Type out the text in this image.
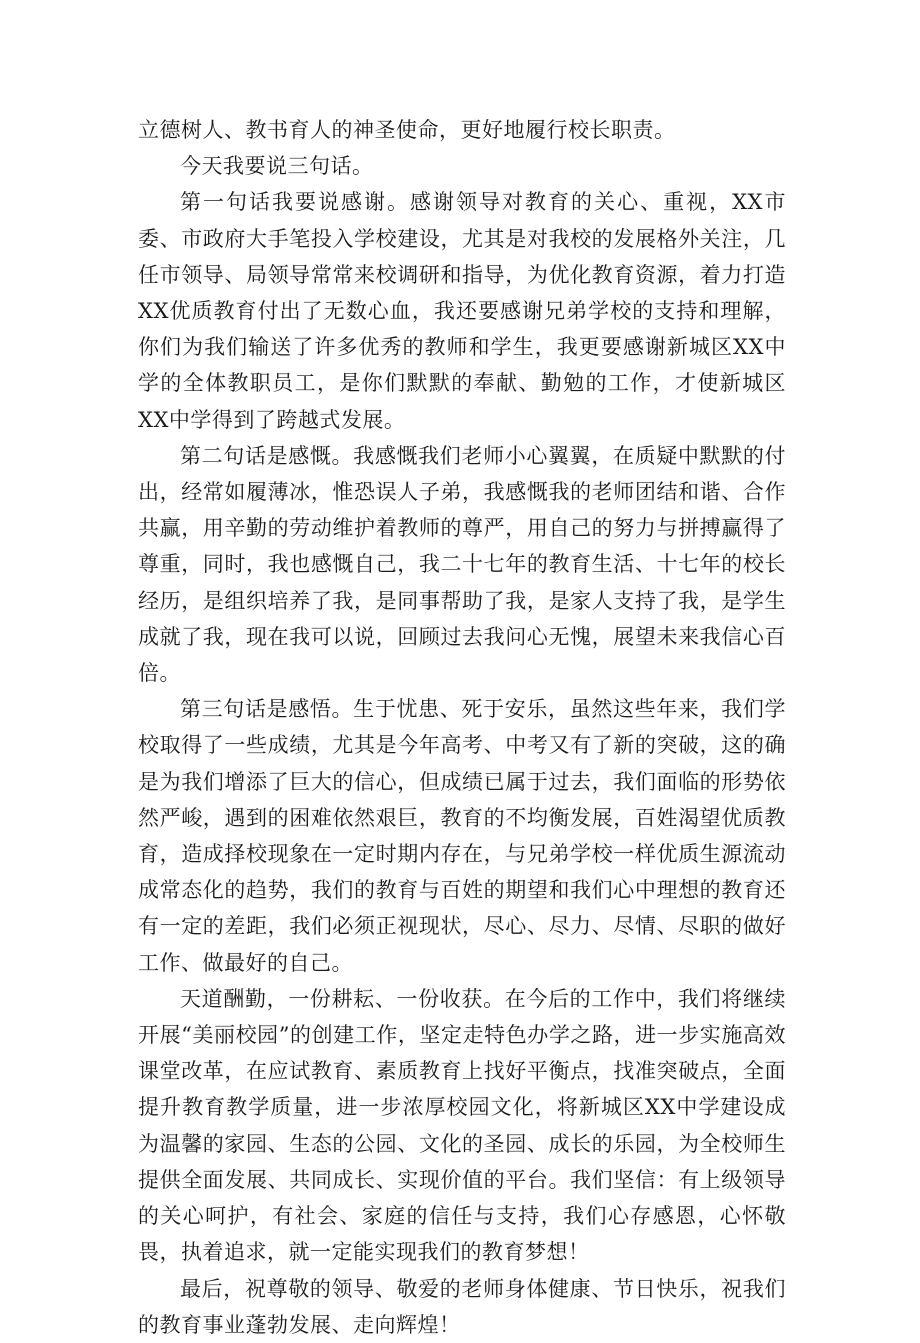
立德树人、教书育人的神圣使命，更好地履行校长职责。

今天我要说三句话。

第一句话我要说感谢。感谢领导对教育的关心、重视，XX市委、市政府大手笔投入学校建设，尤其是对我校的发展格外关注，几任市领导、局领导常常来校调研和指导，为优化教育资源，着力打造XX优质教育付出了无数心血，我还要感谢兄弟学校的支持和理解，你们为我们输送了许多优秀的教师和学生，我更要感谢新城区XX中学的全体教职员工，是你们默默的奉献、勤勉的工作，才使新城区XX中学得到了跨越式发展。

第二句话是感慨。我感慨我们老师小心翼翼，在质疑中默默的付出，经常如履薄冰，惟恐误人子弟，我感慨我的老师团结和谐、合作共赢，用辛勤的劳动维护着教师的尊严，用自己的努力与拼搏赢得了尊重，同时，我也感慨自己，我二十七年的教育生活、十七年的校长经历，是组织培养了我，是同事帮助了我，是家人支持了我，是学生成就了我，现在我可以说，回顾过去我问心无愧，展望未来我信心百倍。

第三句话是感悟。生于忧患、死于安乐，虽然这些年来，我们学校取得了一些成绩，尤其是今年高考、中考又有了新的突破，这的确是为我们增添了巨大的信心，但成绩已属于过去，我们面临的形势依然严峻，遇到的困难依然艰巨，教育的不均衡发展，百姓渴望优质教育，造成择校现象在一定时期内存在，与兄弟学校一样优质生源流动成常态化的趋势，我们的教育与百姓的期望和我们心中理想的教育还有一定的差距，我们必须正视现状，尽心、尽力、尽情、尽职的做好工作、做最好的自己。

天道酬勤，一份耕耘、一份收获。在今后的工作中，我们将继续开展“美丽校园”的创建工作，坚定走特色办学之路，进一步实施高效课堂改革，在应试教育、素质教育上找好平衡点，找准突破点，全面提升教育教学质量，进一步浓厚校园文化，将新城区XX中学建设成为温馨的家园、生态的公园、文化的圣园、成长的乐园，为全校师生提供全面发展、共同成长、实现价值的平台。我们坚信：有上级领导的关心呵护，有社会、家庭的信任与支持，我们心存感恩，心怀敬畏，执着追求，就一定能实现我们的教育梦想！

最后，祝尊敬的领导、敬爱的老师身体健康、节日快乐，祝我们的教育事业蓬勃发展、走向辉煌！
